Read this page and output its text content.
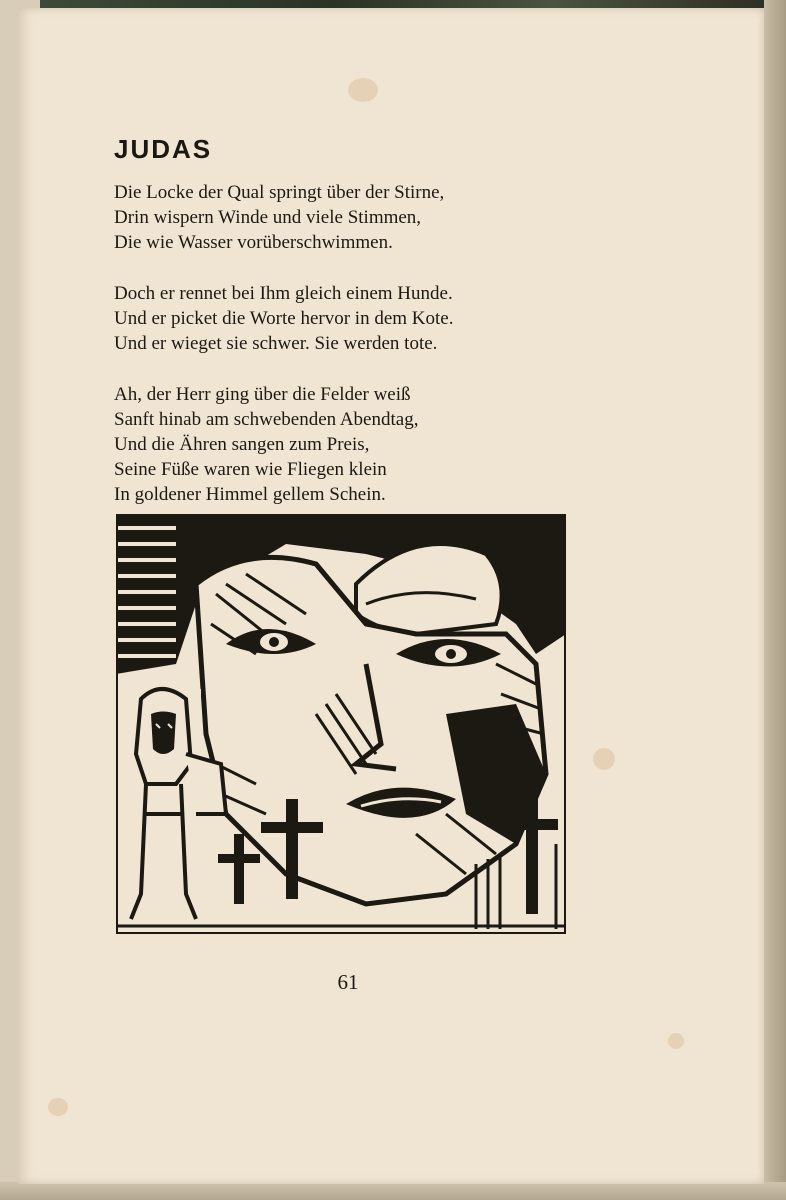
JUDAS

Die Locke der Qual springt über der Stirne,
Drin wispern Winde und viele Stimmen,
Die wie Wasser vorüberschwimmen.

Doch er rennet bei Ihm gleich einem Hunde.
Und er picket die Worte hervor in dem Kote.
Und er wieget sie schwer. Sie werden tote.

Ah, der Herr ging über die Felder weiß
Sanft hinab am schwebenden Abendtag,
Und die Ähren sangen zum Preis,
Seine Füße waren wie Fliegen klein
In goldener Himmel gellem Schein.

61
